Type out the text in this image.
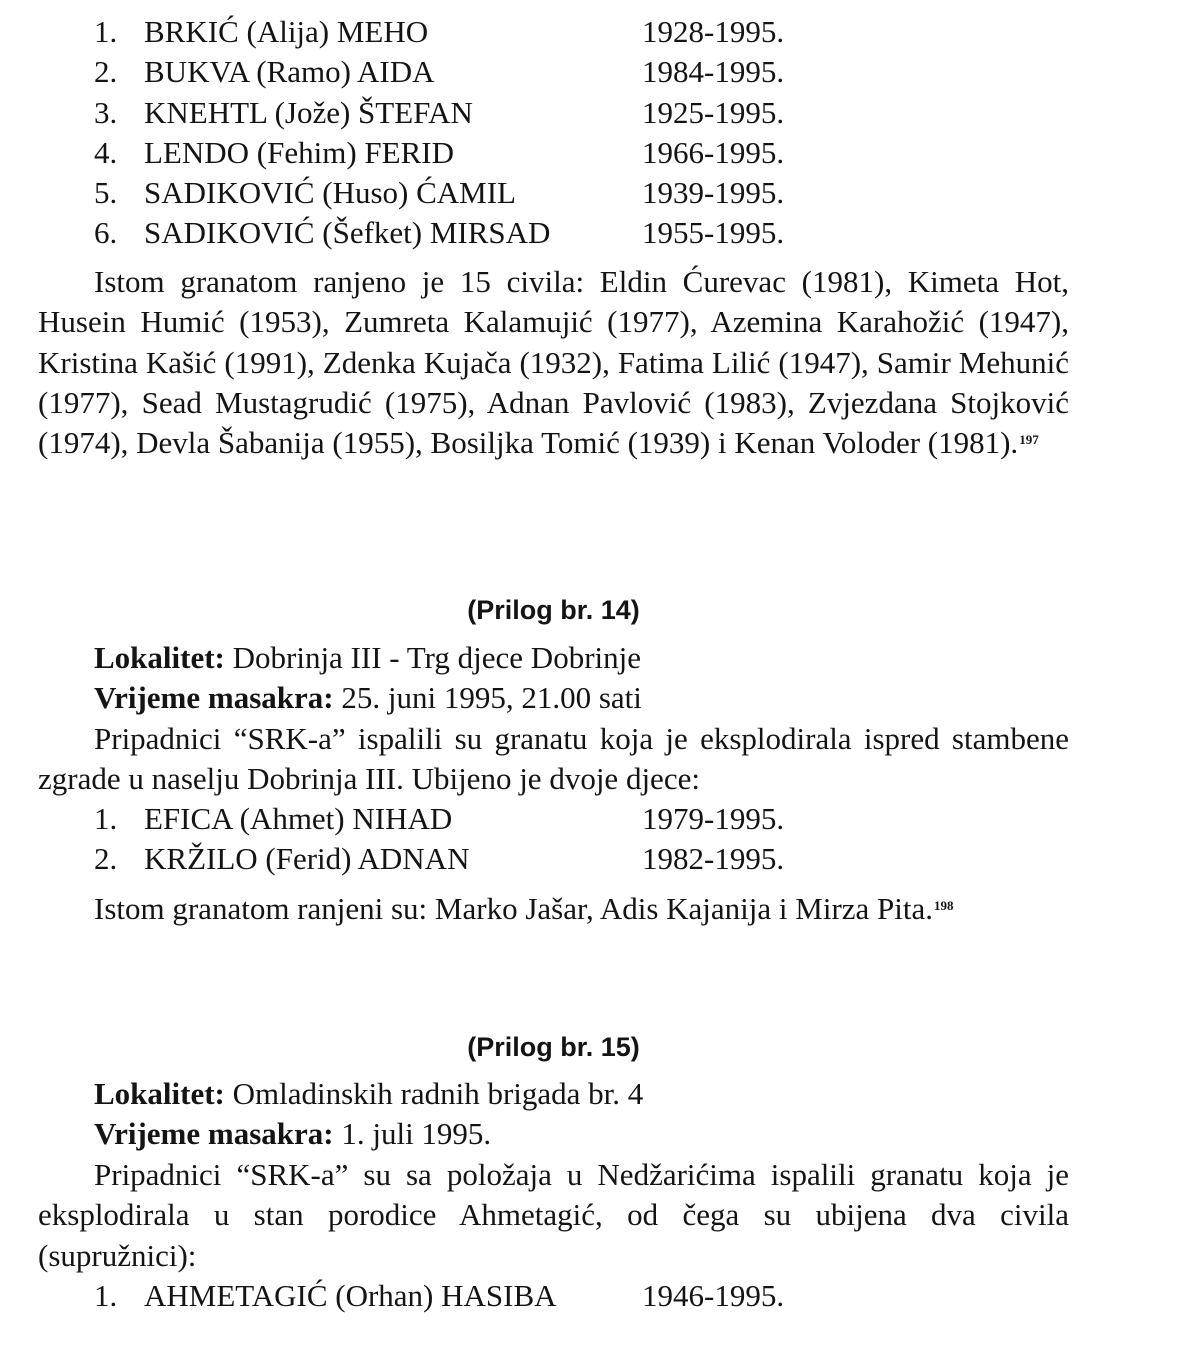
1. BRKIĆ (Alija) MEHO	1928-1995.
2. BUKVA (Ramo) AIDA	1984-1995.
3. KNEHTL (Jože) ŠTEFAN	1925-1995.
4. LENDO (Fehim) FERID	1966-1995.
5. SADIKOVIĆ (Huso) ĆAMIL	1939-1995.
6. SADIKOVIĆ (Šefket) MIRSAD	1955-1995.

Istom granatom ranjeno je 15 civila: Eldin Ćurevac (1981), Kimeta Hot, Husein Humić (1953), Zumreta Kalamujić (1977), Azemina Karahožić (1947), Kristina Kašić (1991), Zdenka Kujača (1932), Fatima Lilić (1947), Samir Mehunić (1977), Sead Mustagrudić (1975), Adnan Pavlović (1983), Zvjezdana Stojković (1974), Devla Šabanija (1955), Bosiljka Tomić (1939) i Kenan Voloder (1981).$^{197}$

(Prilog br. 14)

Lokalitet: Dobrinja III - Trg djece Dobrinje

Vrijeme masakra: 25. juni 1995, 21.00 sati

Pripadnici “SRK-a” ispalili su granatu koja je eksplodirala ispred stambene zgrade u naselju Dobrinja III. Ubijeno je dvoje djece:

1. EFICA (Ahmet) NIHAD	1979-1995.
2. KRŽILO (Ferid) ADNAN	1982-1995.

Istom granatom ranjeni su: Marko Jašar, Adis Kajanija i Mirza Pita.$^{198}$

(Prilog br. 15)

Lokalitet: Omladinskih radnih brigada br. 4

Vrijeme masakra: 1. juli 1995.

Pripadnici “SRK-a” su sa položaja u Nedžarićima ispalili granatu koja je eksplodirala u stan porodice Ahmetagić, od čega su ubijena dva civila (supružnici):

1. AHMETAGIĆ (Orhan) HASIBA	1946-1995.
